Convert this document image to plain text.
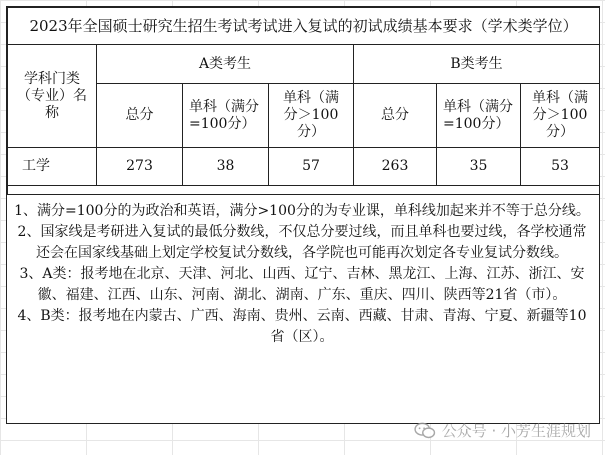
2023年全国硕士研究生招生考试考试进入复试的初试成绩基本要求（学术类学位）						
学科门类（专业）名称	A类考生			B类考生		
	总分	单科（满分=100分）	单科（满分＞100分）	总分	单科（满分=100分）	单科（满分＞100分）
工学	273	38	57	263	35	53

1、满分=100分的为政治和英语，满分>100分的为专业课，单科线加起来并不等于总分线。

2、国家线是考研进入复试的最低分数线，不仅总分要过线，而且单科也要过线，各学校通常还会在国家线基础上划定学校复试分数线，各学院也可能再次划定各专业复试分数线。

3、A类：报考地在北京、天津、河北、山西、辽宁、吉林、黑龙江、上海、江苏、浙江、安徽、福建、江西、山东、河南、湖北、湖南、广东、重庆、四川、陕西等21省（市）。

4、B类：报考地在内蒙古、广西、海南、贵州、云南、西藏、甘肃、青海、宁夏、新疆等10省（区）。

公众号 · 小芳生涯规划
